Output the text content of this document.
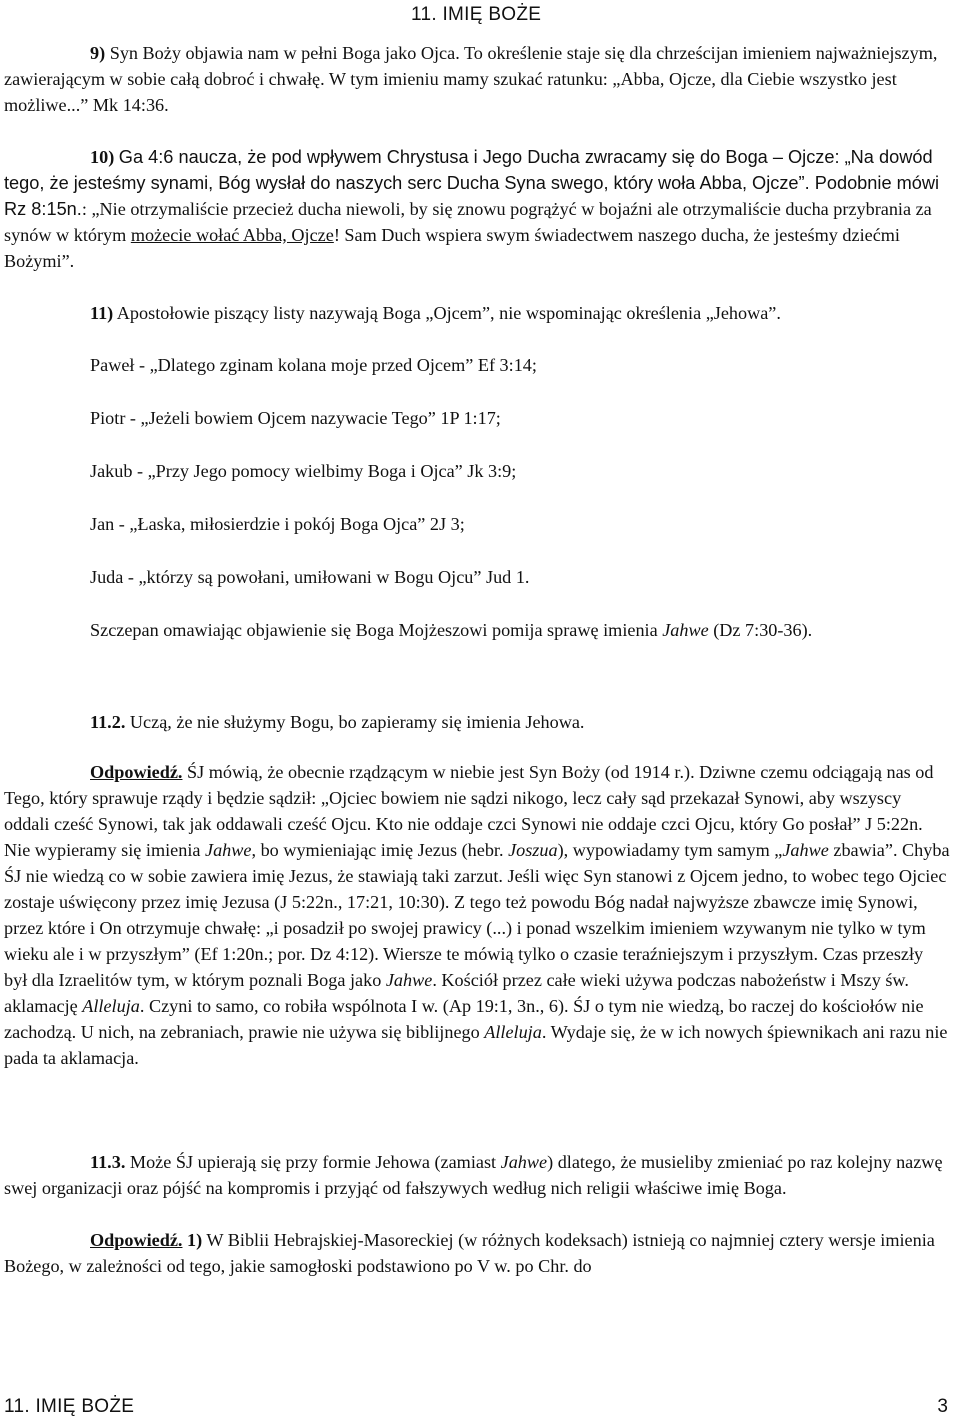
11. IMIĘ BOŻE

9) Syn Boży objawia nam w pełni Boga jako Ojca. To określenie staje się dla chrześcijan imieniem najważniejszym, zawierającym w sobie całą dobroć i chwałę. W tym imieniu mamy szukać ratunku: „Abba, Ojcze, dla Ciebie wszystko jest możliwe...” Mk 14:36.

10) Ga 4:6 naucza, że pod wpływem Chrystusa i Jego Ducha zwracamy się do Boga – Ojcze: „Na dowód tego, że jesteśmy synami, Bóg wysłał do naszych serc Ducha Syna swego, który woła Abba, Ojcze”. Podobnie mówi Rz 8:15n.: „Nie otrzymaliście przecież ducha niewoli, by się znowu pogrążyć w bojaźni ale otrzymaliście ducha przybrania za synów w którym możecie wołać Abba, Ojcze! Sam Duch wspiera swym świadectwem naszego ducha, że jesteśmy dziećmi Bożymi”.

11) Apostołowie piszący listy nazywają Boga „Ojcem”, nie wspominając określenia „Jehowa”.

Paweł - „Dlatego zginam kolana moje przed Ojcem” Ef 3:14;

Piotr - „Jeżeli bowiem Ojcem nazywacie Tego” 1P 1:17;

Jakub - „Przy Jego pomocy wielbimy Boga i Ojca” Jk 3:9;

Jan - „Łaska, miłosierdzie i pokój Boga Ojca” 2J 3;

Juda - „którzy są powołani, umiłowani w Bogu Ojcu” Jud 1.

Szczepan omawiając objawienie się Boga Mojżeszowi pomija sprawę imienia Jahwe (Dz 7:30-36).

11.2. Uczą, że nie służymy Bogu, bo zapieramy się imienia Jehowa.

Odpowiedź. ŚJ mówią, że obecnie rządzącym w niebie jest Syn Boży (od 1914 r.). Dziwne czemu odciągają nas od Tego, który sprawuje rządy i będzie sądził: „Ojciec bowiem nie sądzi nikogo, lecz cały sąd przekazał Synowi, aby wszyscy oddali cześć Synowi, tak jak oddawali cześć Ojcu. Kto nie oddaje czci Synowi nie oddaje czci Ojcu, który Go posłał” J 5:22n. Nie wypieramy się imienia Jahwe, bo wymieniając imię Jezus (hebr. Joszua), wypowiadamy tym samym „Jahwe zbawia”. Chyba ŚJ nie wiedzą co w sobie zawiera imię Jezus, że stawiają taki zarzut. Jeśli więc Syn stanowi z Ojcem jedno, to wobec tego Ojciec zostaje uświęcony przez imię Jezusa (J 5:22n., 17:21, 10:30). Z tego też powodu Bóg nadał najwyższe zbawcze imię Synowi, przez które i On otrzymuje chwałę: „i posadził po swojej prawicy (...) i ponad wszelkim imieniem wzywanym nie tylko w tym wieku ale i w przyszłym” (Ef 1:20n.; por. Dz 4:12). Wiersze te mówią tylko o czasie teraźniejszym i przyszłym. Czas przeszły był dla Izraelitów tym, w którym poznali Boga jako Jahwe. Kościół przez całe wieki używa podczas nabożeństw i Mszy św. aklamację Alleluja. Czyni to samo, co robiła wspólnota I w. (Ap 19:1, 3n., 6). ŚJ o tym nie wiedzą, bo raczej do kościołów nie zachodzą. U nich, na zebraniach, prawie nie używa się biblijnego Alleluja. Wydaje się, że w ich nowych śpiewnikach ani razu nie pada ta aklamacja.

11.3. Może ŚJ upierają się przy formie Jehowa (zamiast Jahwe) dlatego, że musieliby zmieniać po raz kolejny nazwę swej organizacji oraz pójść na kompromis i przyjąć od fałszywych według nich religii właściwe imię Boga.

Odpowiedź. 1) W Biblii Hebrajskiej-Masoreckiej (w różnych kodeksach) istnieją co najmniej cztery wersje imienia Bożego, w zależności od tego, jakie samogłoski podstawiono po V w. po Chr. do

11. IMIĘ BOŻE	3
